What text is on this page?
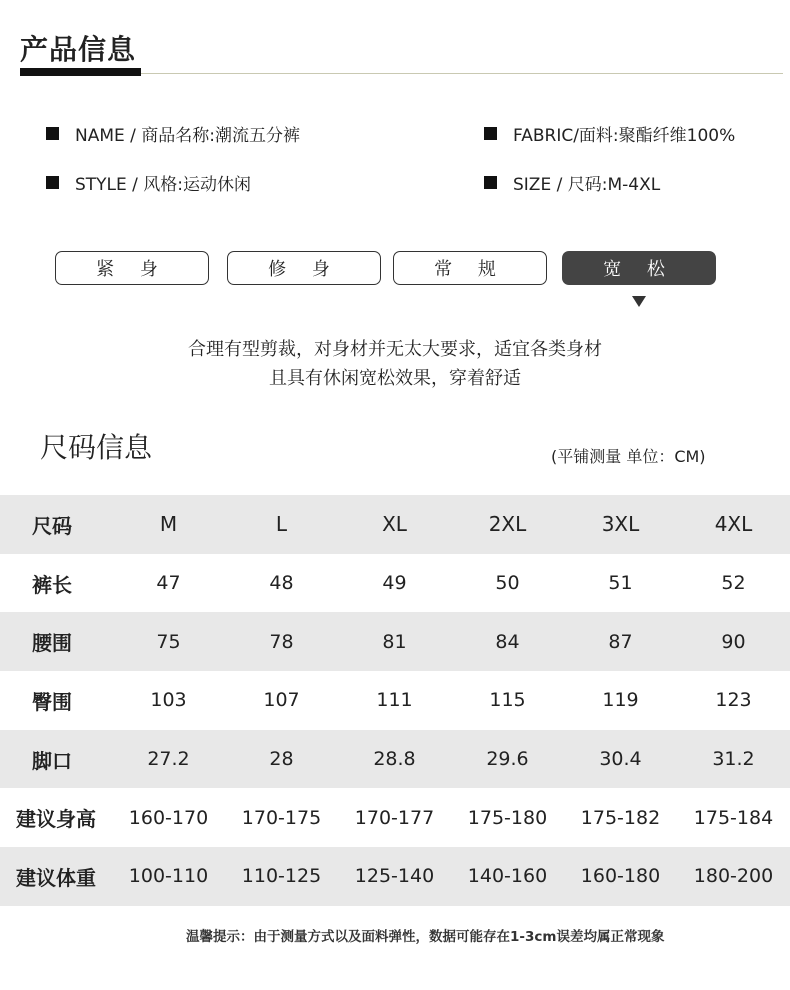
产品信息
NAME / 商品名称:潮流五分裤	FABRIC/面料:聚酯纤维100%
STYLE / 风格:运动休闲	SIZE / 尺码:M-4XL
紧 身	修 身	常 规	宽 松
合理有型剪裁，对身材并无太大要求，适宜各类身材
且具有休闲宽松效果，穿着舒适
尺码信息	(平铺测量 单位：CM)
尺码	M	L	XL	2XL	3XL	4XL
裤长	47	48	49	50	51	52
腰围	75	78	81	84	87	90
臀围	103	107	111	115	119	123
脚口	27.2	28	28.8	29.6	30.4	31.2
建议身高	160-170	170-175	170-177	175-180	175-182	175-184
建议体重	100-110	110-125	125-140	140-160	160-180	180-200
温馨提示：由于测量方式以及面料弹性，数据可能存在1-3cm误差均属正常现象
